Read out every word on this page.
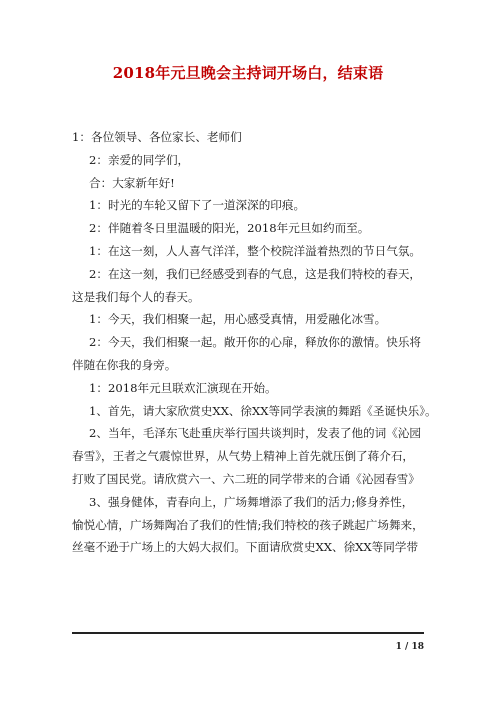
2018年元旦晚会主持词开场白，结束语
1：各位领导、各位家长、老师们
2：亲爱的同学们，
合：大家新年好!
1：时光的车轮又留下了一道深深的印痕。
2：伴随着冬日里温暖的阳光，2018年元旦如约而至。
1：在这一刻，人人喜气洋洋，整个校院洋溢着热烈的节日气氛。
2：在这一刻，我们已经感受到春的气息，这是我们特校的春天，
这是我们每个人的春天。
1：今天，我们相聚一起，用心感受真情，用爱融化冰雪。
2：今天，我们相聚一起。敞开你的心扉，释放你的激情。快乐将
伴随在你我的身旁。
1：2018年元旦联欢汇演现在开始。
1、首先，请大家欣赏史XX、徐XX等同学表演的舞蹈《圣诞快乐》。
2、当年，毛泽东飞赴重庆举行国共谈判时，发表了他的词《沁园
春雪》，王者之气震惊世界，从气势上精神上首先就压倒了蒋介石，
打败了国民党。请欣赏六一、六二班的同学带来的合诵《沁园春雪》
3、强身健体，青春向上，广场舞增添了我们的活力;修身养性，
愉悦心情，广场舞陶冶了我们的性情;我们特校的孩子跳起广场舞来，
丝毫不逊于广场上的大妈大叔们。下面请欣赏史XX、徐XX等同学带
1 / 18
